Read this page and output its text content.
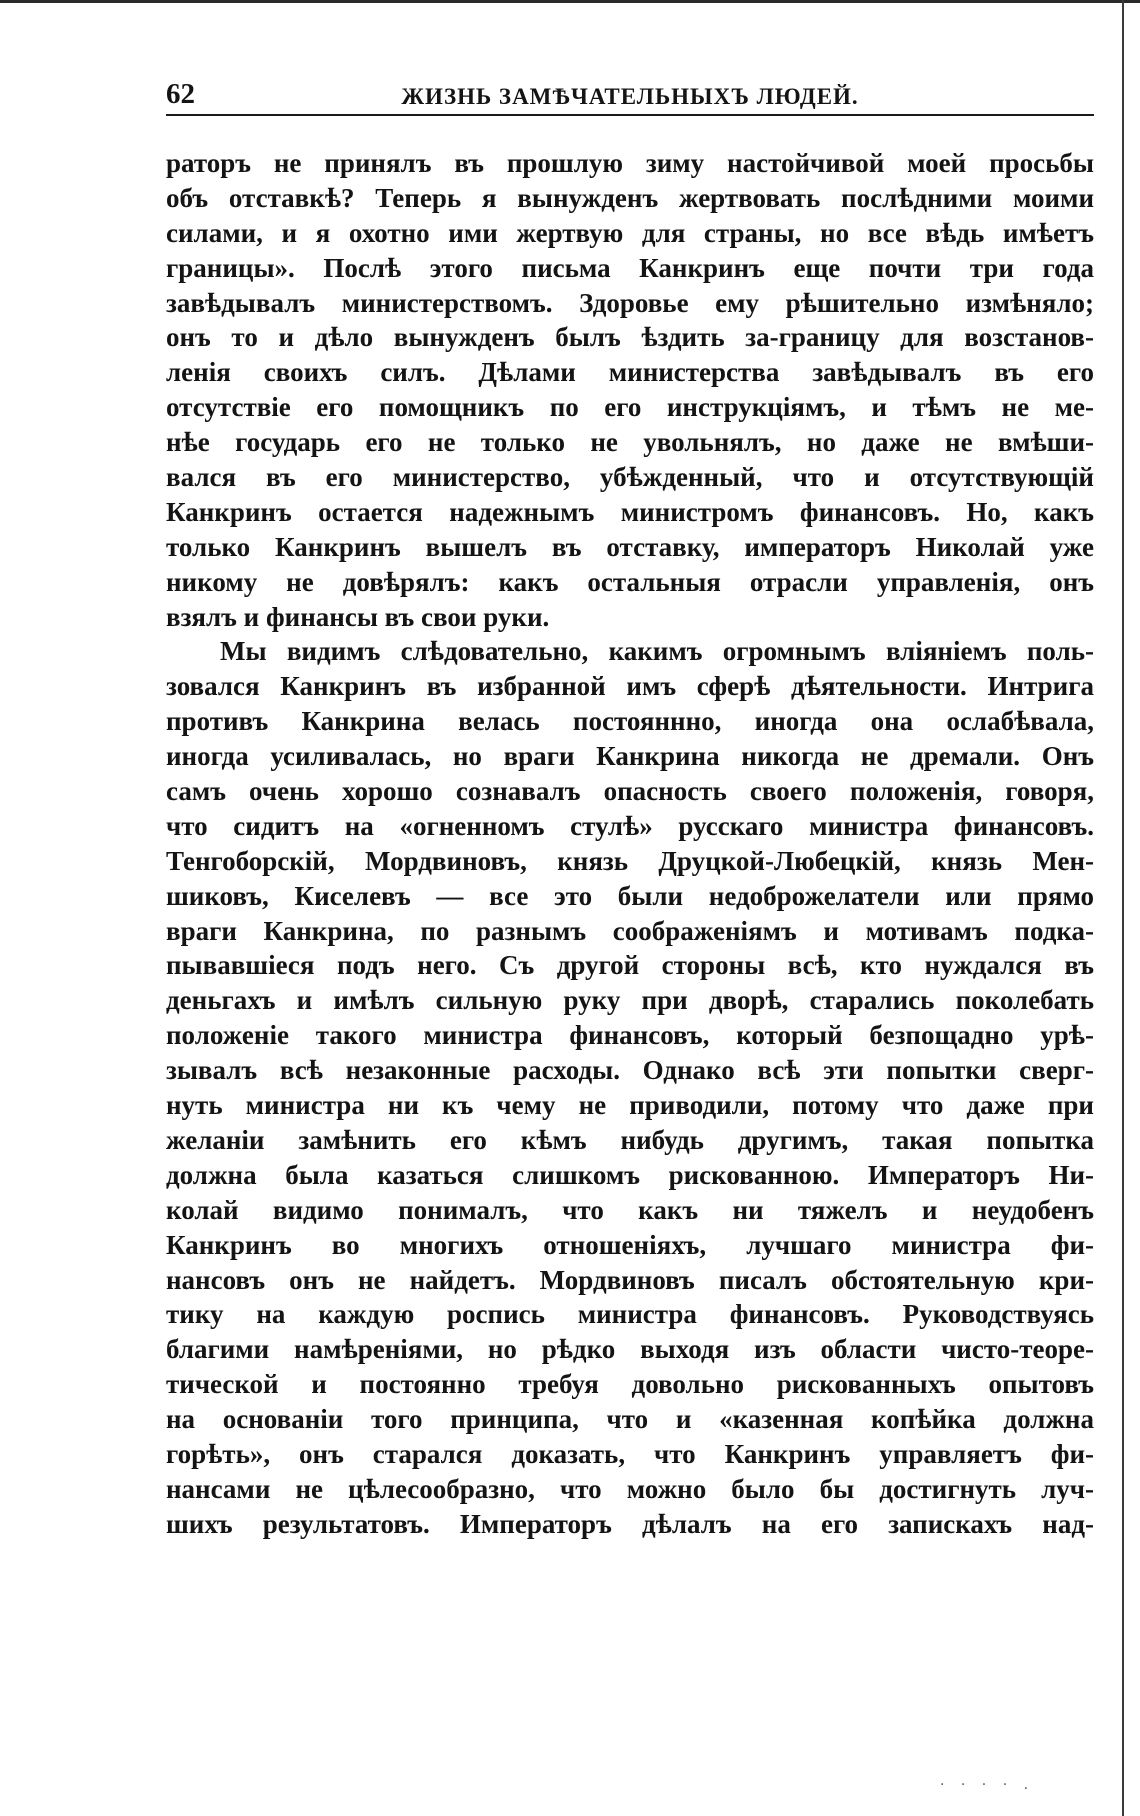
62	ЖИЗНЬ ЗАМѢЧАТЕЛЬНЫХЪ ЛЮДЕЙ.
раторъ не принялъ въ прошлую зиму настойчивой моей просьбы
объ отставкѣ? Теперь я вынужденъ жертвовать послѣдними моими
силами, и я охотно ими жертвую для страны, но все вѣдь имѣетъ
границы». Послѣ этого письма Канкринъ еще почти три года
завѣдывалъ министерствомъ. Здоровье ему рѣшительно измѣняло;
онъ то и дѣло вынужденъ былъ ѣздить за-границу для возстанов-
ленія своихъ силъ. Дѣлами министерства завѣдывалъ въ его
отсутствіе его помощникъ по его инструкціямъ, и тѣмъ не ме-
нѣе государь его не только не увольнялъ, но даже не вмѣши-
вался въ его министерство, убѣжденный, что и отсутствующій
Канкринъ остается надежнымъ министромъ финансовъ. Но, какъ
только Канкринъ вышелъ въ отставку, императоръ Николай уже
никому не довѣрялъ: какъ остальныя отрасли управленія, онъ
взялъ и финансы въ свои руки.
Мы видимъ слѣдовательно, какимъ огромнымъ вліяніемъ поль-
зовался Канкринъ въ избранной имъ сферѣ дѣятельности. Интрига
противъ Канкрина велась постояннно, иногда она ослабѣвала,
иногда усиливалась, но враги Канкрина никогда не дремали. Онъ
самъ очень хорошо сознавалъ опасность своего положенія, говоря,
что сидитъ на «огненномъ стулѣ» русскаго министра финансовъ.
Тенгоборскій, Мордвиновъ, князь Друцкой-Любецкій, князь Мен-
шиковъ, Киселевъ — все это были недоброжелатели или прямо
враги Канкрина, по разнымъ соображеніямъ и мотивамъ подка-
пывавшіеся подъ него. Съ другой стороны всѣ, кто нуждался въ
деньгахъ и имѣлъ сильную руку при дворѣ, старались поколебать
положеніе такого министра финансовъ, который безпощадно урѣ-
зывалъ всѣ незаконные расходы. Однако всѣ эти попытки сверг-
нуть министра ни къ чему не приводили, потому что даже при
желаніи замѣнить его кѣмъ нибудь другимъ, такая попытка
должна была казаться слишкомъ рискованною. Императоръ Ни-
колай видимо понималъ, что какъ ни тяжелъ и неудобенъ
Канкринъ во многихъ отношеніяхъ, лучшаго министра фи-
нансовъ онъ не найдетъ. Мордвиновъ писалъ обстоятельную кри-
тику на каждую роспись министра финансовъ. Руководствуясь
благими намѣреніями, но рѣдко выходя изъ области чисто-теоре-
тической и постоянно требуя довольно рискованныхъ опытовъ
на основаніи того принципа, что и «казенная копѣйка должна
горѣть», онъ старался доказать, что Канкринъ управляетъ фи-
нансами не цѣлесообразно, что можно было бы достигнуть луч-
шихъ результатовъ. Императоръ дѣлалъ на его запискахъ над-
· · · · .
